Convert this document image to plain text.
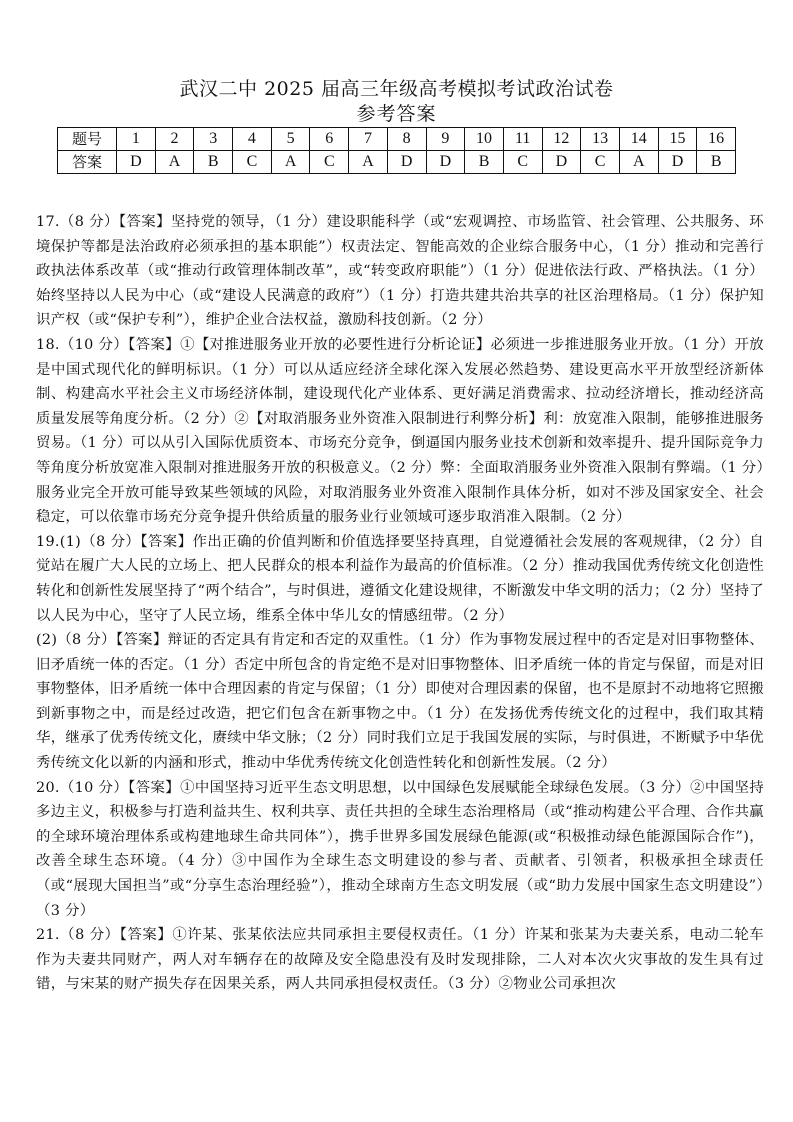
武汉二中 2025 届高三年级高考模拟考试政治试卷
参考答案
题号	1	2	3	4	5	6	7	8	9	10	11	12	13	14	15	16
答案	D	A	B	C	A	C	A	D	D	B	C	D	C	A	D	B

17.（8 分）【答案】坚持党的领导，（1 分）建设职能科学（或“宏观调控、市场监管、社会管理、公共服务、环境保护等都是法治政府必须承担的基本职能”）权责法定、智能高效的企业综合服务中心，（1 分）推动和完善行政执法体系改革（或“推动行政管理体制改革”，或“转变政府职能”）（1 分）促进依法行政、严格执法。（1 分）始终坚持以人民为中心（或“建设人民满意的政府”）（1 分）打造共建共治共享的社区治理格局。（1 分）保护知识产权（或“保护专利”），维护企业合法权益，激励科技创新。（2 分）

18.（10 分）【答案】①【对推进服务业开放的必要性进行分析论证】必须进一步推进服务业开放。（1 分）开放是中国式现代化的鲜明标识。（1 分）可以从适应经济全球化深入发展必然趋势、建设更高水平开放型经济新体制、构建高水平社会主义市场经济体制，建设现代化产业体系、更好满足消费需求、拉动经济增长，推动经济高质量发展等角度分析。（2 分）②【对取消服务业外资准入限制进行利弊分析】利：放宽准入限制，能够推进服务贸易。（1 分）可以从引入国际优质资本、市场充分竞争，倒逼国内服务业技术创新和效率提升、提升国际竞争力等角度分析放宽准入限制对推进服务开放的积极意义。（2 分）弊：全面取消服务业外资准入限制有弊端。（1 分）服务业完全开放可能导致某些领域的风险，对取消服务业外资准入限制作具体分析，如对不涉及国家安全、社会稳定，可以依靠市场充分竞争提升供给质量的服务业行业领域可逐步取消准入限制。（2 分）

19.(1)（8 分）【答案】作出正确的价值判断和价值选择要坚持真理，自觉遵循社会发展的客观规律，（2 分）自觉站在履广大人民的立场上、把人民群众的根本利益作为最高的价值标准。（2 分）推动我国优秀传统文化创造性转化和创新性发展坚持了“两个结合”，与时俱进，遵循文化建设规律，不断激发中华文明的活力；（2 分）坚持了以人民为中心，坚守了人民立场，维系全体中华儿女的情感纽带。（2 分）

(2)（8 分）【答案】辩证的否定具有肯定和否定的双重性。（1 分）作为事物发展过程中的否定是对旧事物整体、旧矛盾统一体的否定。（1 分）否定中所包含的肯定绝不是对旧事物整体、旧矛盾统一体的肯定与保留，而是对旧事物整体，旧矛盾统一体中合理因素的肯定与保留；（1 分）即使对合理因素的保留，也不是原封不动地将它照搬到新事物之中，而是经过改造，把它们包含在新事物之中。（1 分）在发扬优秀传统文化的过程中，我们取其精华，继承了优秀传统文化，赓续中华文脉；（2 分）同时我们立足于我国发展的实际，与时俱进，不断赋予中华优秀传统文化以新的内涵和形式，推动中华优秀传统文化创造性转化和创新性发展。（2 分）

20.（10 分）【答案】①中国坚持习近平生态文明思想，以中国绿色发展赋能全球绿色发展。（3 分）②中国坚持多边主义，积极参与打造利益共生、权利共享、责任共担的全球生态治理格局（或“推动构建公平合理、合作共赢的全球环境治理体系或构建地球生命共同体”），携手世界多国发展绿色能源(或“积极推动绿色能源国际合作”)，改善全球生态环境。（4 分）③中国作为全球生态文明建设的参与者、贡献者、引领者，积极承担全球责任（或“展现大国担当”或“分享生态治理经验”），推动全球南方生态文明发展（或“助力发展中国家生态文明建设”）（3 分）

21.（8 分）【答案】①许某、张某依法应共同承担主要侵权责任。（1 分）许某和张某为夫妻关系，电动二轮车作为夫妻共同财产，两人对车辆存在的故障及安全隐患没有及时发现排除，二人对本次火灾事故的发生具有过错，与宋某的财产损失存在因果关系，两人共同承担侵权责任。（3 分）②物业公司承担次
